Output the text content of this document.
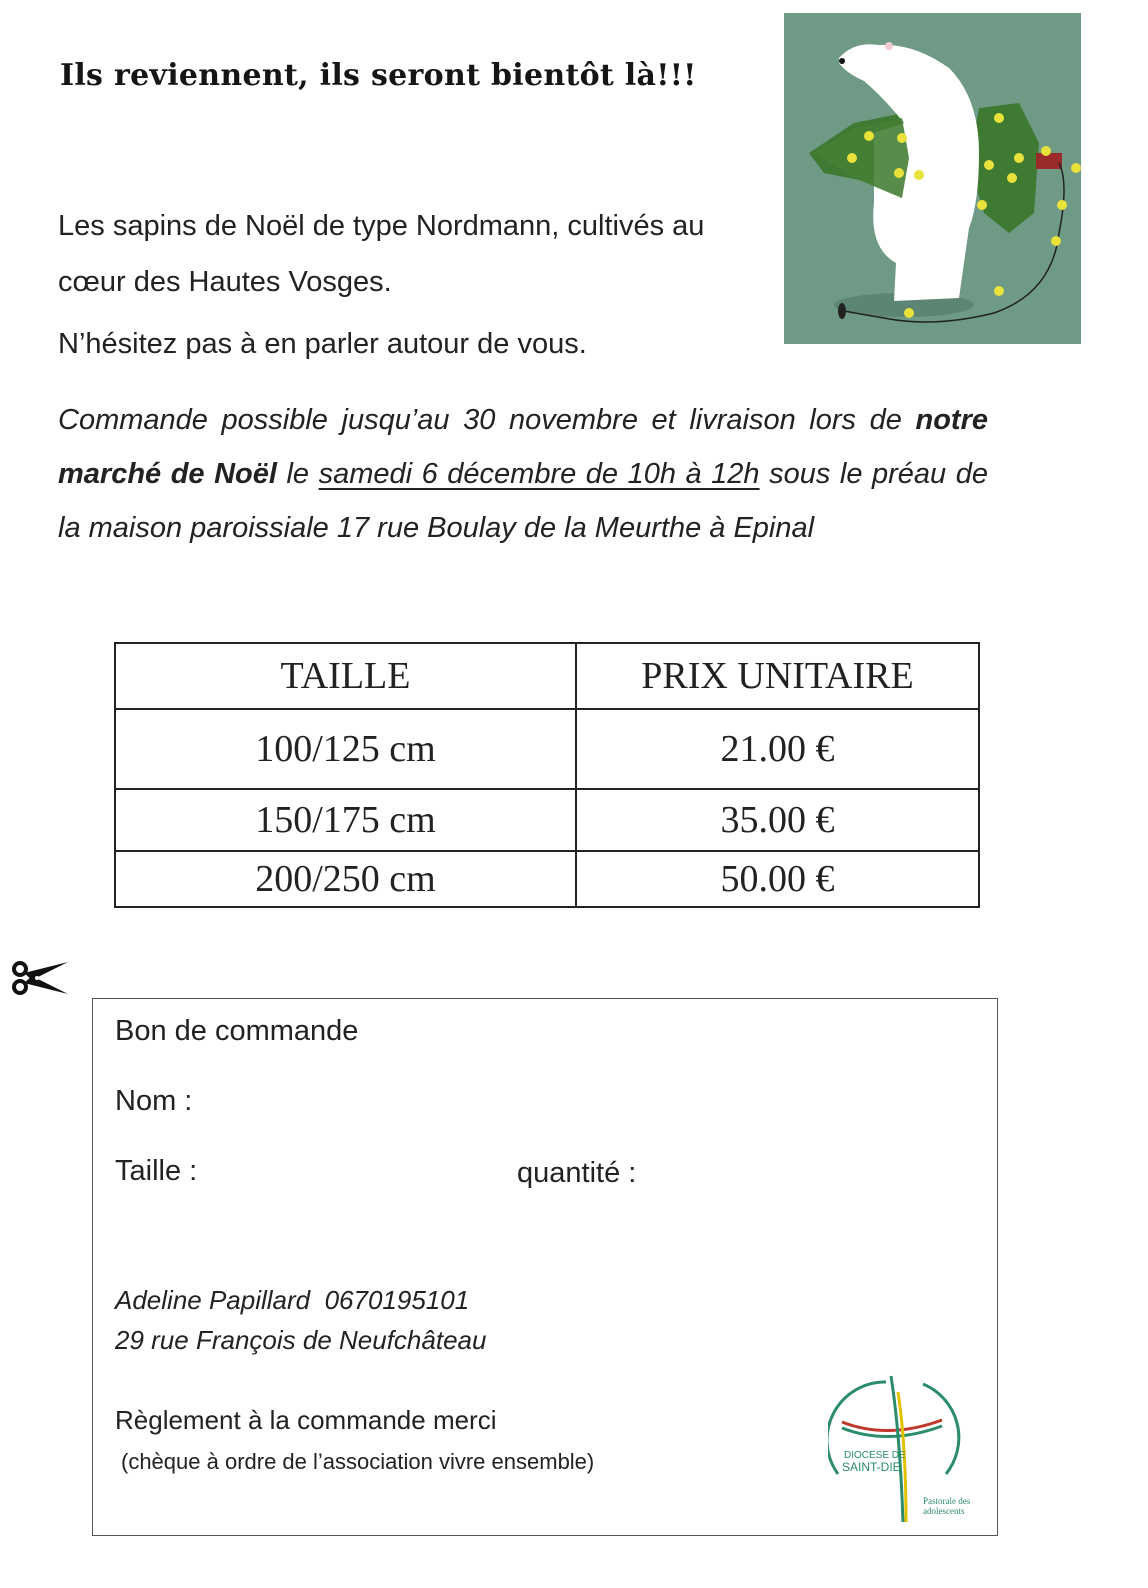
Ils reviennent, ils seront bientôt là!!!

Les sapins de Noël de type Nordmann, cultivés au cœur des Hautes Vosges.

N’hésitez pas à en parler autour de vous.

Commande possible jusqu’au 30 novembre et livraison lors de notre marché de Noël le samedi 6 décembre de 10h à 12h sous le préau de la maison paroissiale 17 rue Boulay de la Meurthe à Epinal

TAILLE	PRIX UNITAIRE
100/125 cm	21.00 €
150/175 cm	35.00 €
200/250 cm	50.00 €
Bon de commande
Nom :
Taille :	quantité :
Adeline Papillard  0670195101
29 rue François de Neufchâteau
Règlement à la commande merci
(chèque à ordre de l’association vivre ensemble)	DIOCESE DE
SAINT-DIE
Pastorale des
adolescents
